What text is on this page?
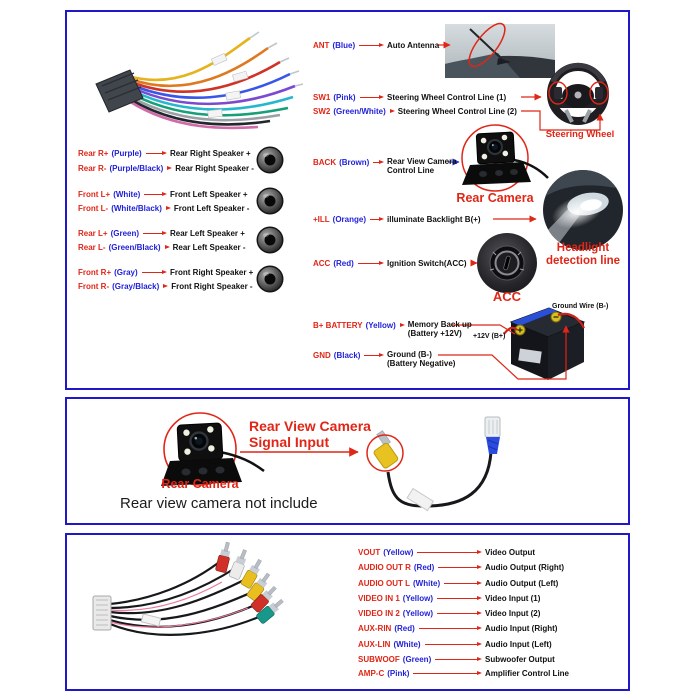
Rear R+ (Purple)	Rear Right Speaker +
Rear R- (Purple/Black) Rear Right Speaker -
Front L+ (White)	Front Left Speaker +
Front L- (White/Black) Front Left Speaker -
Rear L+ (Green)	Rear Left Speaker +
Rear L- (Green/Black) Rear Left Speaker -
Front R+ (Gray)	Front Right Speaker +
Front R- (Gray/Black) Front Right Speaker -
ANT (Blue)	Auto Antenna
SW1 (Pink)	Steering Wheel Control Line (1)
SW2 (Green/White) Steering Wheel Control Line (2)
BACK (Brown) Rear View Camera
Control Line
+ILL (Orange)	illuminate Backlight B(+)
ACC (Red)	Ignition Switch(ACC)
B+ BATTERY (Yellow) Memory Back up
(Battery +12V)
GND (Black)	Ground (B-)
(Battery Negative)
Steering Wheel
Rear Camera
Headlight
detection line
ACC
Ground Wire (B-)
+12V (B+)
Rear View Camera
Signal Input
Rear Camera
Rear view camera not include
VOUT (Yellow)	Video Output
AUDIO OUT R (Red)	Audio Output (Right)
AUDIO OUT L (White)	Audio Output (Left)
VIDEO IN 1 (Yellow)	Video Input (1)
VIDEO IN 2 (Yellow)	Video Input (2)
AUX-RIN (Red)	Audio Input (Right)
AUX-LIN (White)	Audio Input (Left)
SUBWOOF (Green)	Subwoofer Output
AMP-C (Pink)	Amplifier Control Line
